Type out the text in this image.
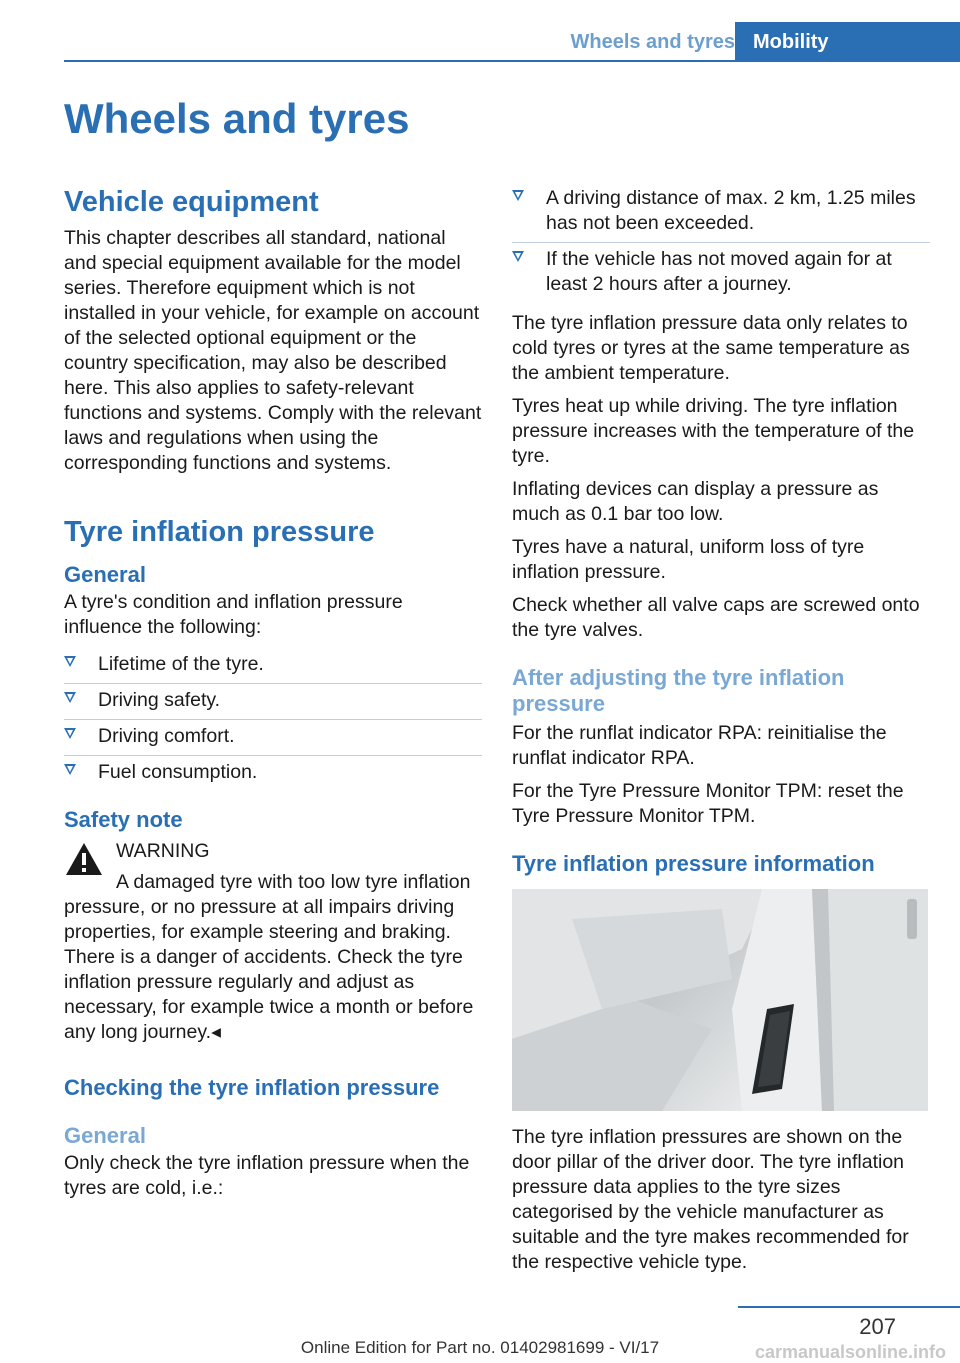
Wheels and tyres Mobility
Wheels and tyres
Vehicle equipment

This chapter describes all standard, national and special equipment available for the model series. Therefore equipment which is not installed in your vehicle, for example on account of the selected optional equipment or the country specification, may also be described here. This also applies to safety-relevant functions and systems. Comply with the relevant laws and regulations when using the corresponding functions and systems.

Tyre inflation pressure
General

A tyre's condition and inflation pressure influence the following:

Lifetime of the tyre.
Driving safety.
Driving comfort.
Fuel consumption.
Safety note
WARNING

A damaged tyre with too low tyre inflation pressure, or no pressure at all impairs driving properties, for example steering and braking. There is a danger of accidents. Check the tyre inflation pressure regularly and adjust as necessary, for example twice a month or before any long journey.◂

Checking the tyre inflation pressure
General

Only check the tyre inflation pressure when the tyres are cold, i.e.:

A driving distance of max. 2 km, 1.25 miles has not been exceeded.
If the vehicle has not moved again for at least 2 hours after a journey.

The tyre inflation pressure data only relates to cold tyres or tyres at the same temperature as the ambient temperature.

Tyres heat up while driving. The tyre inflation pressure increases with the temperature of the tyre.

Inflating devices can display a pressure as much as 0.1 bar too low.

Tyres have a natural, uniform loss of tyre inflation pressure.

Check whether all valve caps are screwed onto the tyre valves.

After adjusting the tyre inflation pressure

For the runflat indicator RPA: reinitialise the runflat indicator RPA.

For the Tyre Pressure Monitor TPM: reset the Tyre Pressure Monitor TPM.

Tyre inflation pressure information

The tyre inflation pressures are shown on the door pillar of the driver door. The tyre inflation pressure data applies to the tyre sizes categorised by the vehicle manufacturer as suitable and the tyre makes recommended for the respective vehicle type.

207
Online Edition for Part no. 01402981699 - VI/17	carmanualsonline.info
